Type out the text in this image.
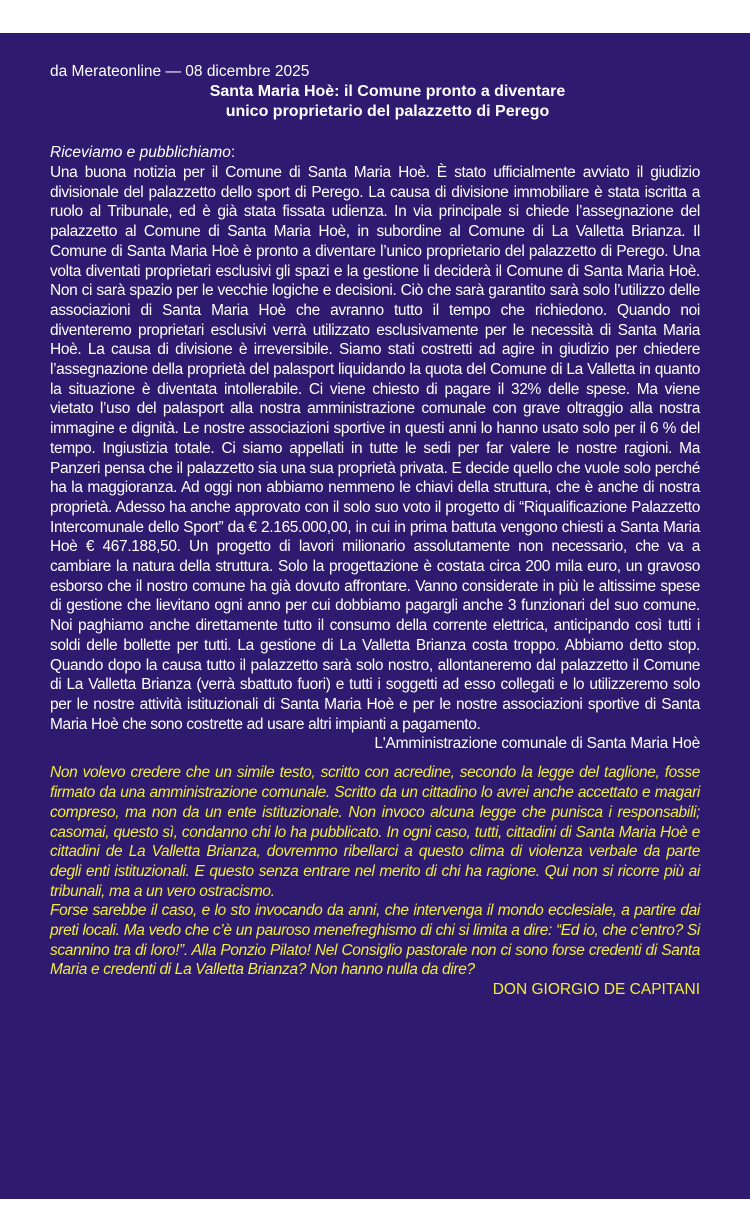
da Merateonline — 08 dicembre 2025
Santa Maria Hoè: il Comune pronto a diventare
unico proprietario del palazzetto di Perego
Riceviamo e pubblichiamo:

Una buona notizia per il Comune di Santa Maria Hoè. È stato ufficialmente avviato il giudizio divisionale del palazzetto dello sport di Perego. La causa di divisione immobiliare è stata iscritta a ruolo al Tribunale, ed è già stata fissata udienza. In via principale si chiede l’assegnazione del palazzetto al Comune di Santa Maria Hoè, in subordine al Comune di La Valletta Brianza. Il Comune di Santa Maria Hoè è pronto a diventare l’unico proprietario del palazzetto di Perego. Una volta diventati proprietari esclusivi gli spazi e la gestione li deciderà il Comune di Santa Maria Hoè. Non ci sarà spazio per le vecchie logiche e decisioni. Ciò che sarà garantito sarà solo l’utilizzo delle associazioni di Santa Maria Hoè che avranno tutto il tempo che richiedono. Quando noi diventeremo proprietari esclusivi verrà utilizzato esclusivamente per le necessità di Santa Maria Hoè. La causa di divisione è irreversibile. Siamo stati costretti ad agire in giudizio per chiedere l’assegnazione della proprietà del palasport liquidando la quota del Comune di La Valletta in quanto la situazione è diventata intollerabile. Ci viene chiesto di pagare il 32% delle spese. Ma viene vietato l’uso del palasport alla nostra amministrazione comunale con grave oltraggio alla nostra immagine e dignità. Le nostre associazioni sportive in questi anni lo hanno usato solo per il 6 % del tempo. Ingiustizia totale. Ci siamo appellati in tutte le sedi per far valere le nostre ragioni. Ma Panzeri pensa che il palazzetto sia una sua proprietà privata. E decide quello che vuole solo perché ha la maggioranza. Ad oggi non abbiamo nemmeno le chiavi della struttura, che è anche di nostra proprietà. Adesso ha anche approvato con il solo suo voto il progetto di “Riqualificazione Palazzetto Intercomunale dello Sport” da € 2.165.000,00, in cui in prima battuta vengono chiesti a Santa Maria Hoè € 467.188,50. Un progetto di lavori milionario assolutamente non necessario, che va a cambiare la natura della struttura. Solo la progettazione è costata circa 200 mila euro, un gravoso esborso che il nostro comune ha già dovuto affrontare. Vanno considerate in più le altissime spese di gestione che lievitano ogni anno per cui dobbiamo pagargli anche 3 funzionari del suo comune. Noi paghiamo anche direttamente tutto il consumo della corrente elettrica, anticipando così tutti i soldi delle bollette per tutti. La gestione di La Valletta Brianza costa troppo. Abbiamo detto stop. Quando dopo la causa tutto il palazzetto sarà solo nostro, allontaneremo dal palazzetto il Comune di La Valletta Brianza (verrà sbattuto fuori) e tutti i soggetti ad esso collegati e lo utilizzeremo solo per le nostre attività istituzionali di Santa Maria Hoè e per le nostre associazioni sportive di Santa Maria Hoè che sono costrette ad usare altri impianti a pagamento.

L'Amministrazione comunale di Santa Maria Hoè

Non volevo credere che un simile testo, scritto con acredine, secondo la legge del taglione, fosse firmato da una amministrazione comunale. Scritto da un cittadino lo avrei anche accettato e magari compreso, ma non da un ente istituzionale. Non invoco alcuna legge che punisca i responsabili; casomai, questo sì, condanno chi lo ha pubblicato. In ogni caso, tutti, cittadini di Santa Maria Hoè e cittadini de La Valletta Brianza, dovremmo ribellarci a questo clima di violenza verbale da parte degli enti istituzionali. E questo senza entrare nel merito di chi ha ragione. Qui non si ricorre più ai tribunali, ma a un vero ostracismo.

Forse sarebbe il caso, e lo sto invocando da anni, che intervenga il mondo ecclesiale, a partire dai preti locali. Ma vedo che c’è un pauroso menefreghismo di chi si limita a dire: “Ed io, che c’entro? Si scannino tra di loro!”. Alla Ponzio Pilato! Nel Consiglio pastorale non ci sono forse credenti di Santa Maria e credenti di La Valletta Brianza? Non hanno nulla da dire?

DON GIORGIO DE CAPITANI
